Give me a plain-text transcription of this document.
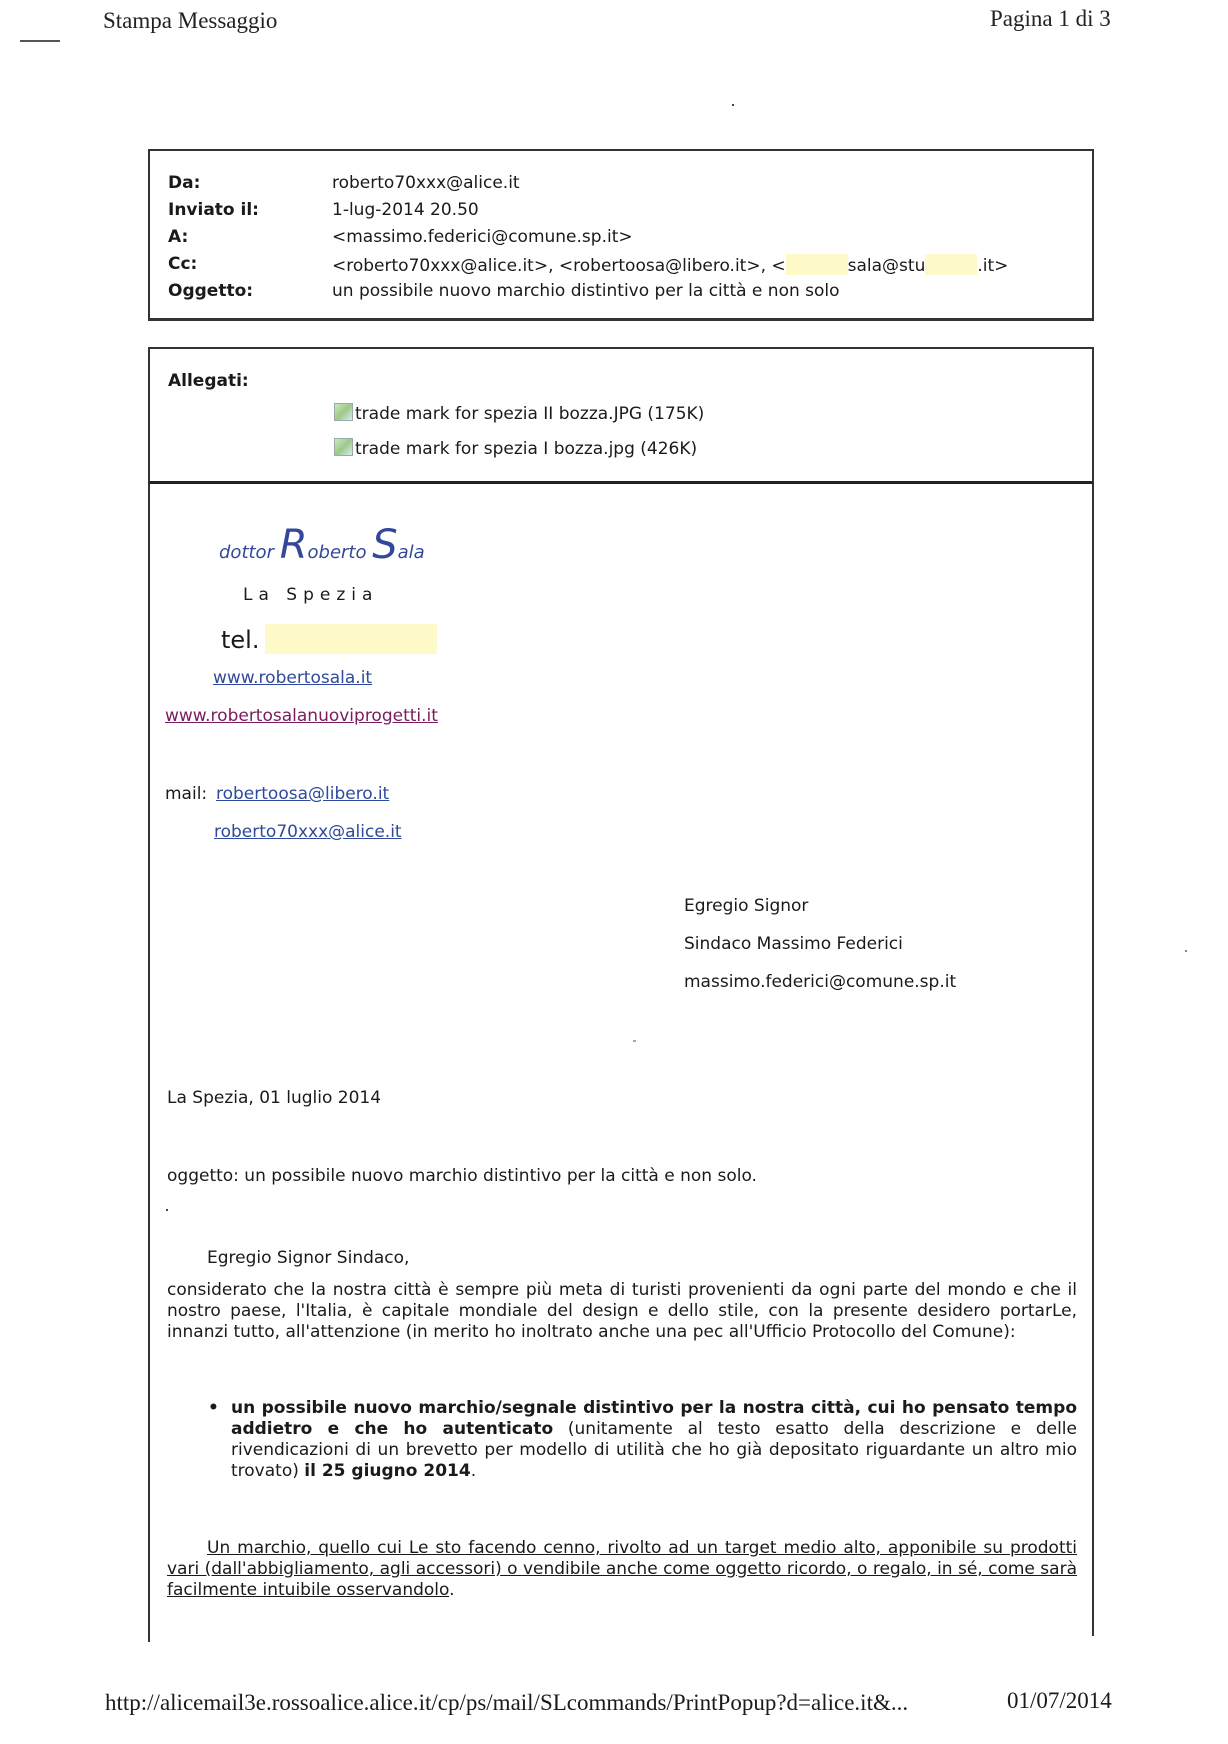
Stampa Messaggio	Pagina 1 di 3
Da:	roberto70xxx@alice.it
Inviato il:	1-lug-2014 20.50
A:	<massimo.federici@comune.sp.it>
Cc:	<roberto70xxx@alice.it>, <robertoosa@libero.it>, <	sala@stu	.it>
Oggetto:	un possibile nuovo marchio distintivo per la città e non solo
Allegati:
trade mark for spezia II bozza.JPG (175K)
trade mark for spezia I bozza.jpg (426K)
dottor Roberto Sala
La Spezia
tel.
www.robertosala.it
www.robertosalanuoviprogetti.it
mail: robertoosa@libero.it
roberto70xxx@alice.it
Egregio Signor
Sindaco Massimo Federici
massimo.federici@comune.sp.it
La Spezia, 01 luglio 2014
oggetto: un possibile nuovo marchio distintivo per la città e non solo.
Egregio Signor Sindaco,
considerato che la nostra città è sempre più meta di turisti provenienti da ogni parte del mondo e che il nostro paese, l'Italia, è capitale mondiale del design e dello stile, con la presente desidero portarLe, innanzi tutto, all'attenzione (in merito ho inoltrato anche una pec all'Ufficio Protocollo del Comune):
• un possibile nuovo marchio/segnale distintivo per la nostra città, cui ho pensato tempo addietro e che ho autenticato (unitamente al testo esatto della descrizione e delle rivendicazioni di un brevetto per modello di utilità che ho già depositato riguardante un altro mio trovato) il 25 giugno 2014.
Un marchio, quello cui Le sto facendo cenno, rivolto ad un target medio alto, apponibile su prodotti vari (dall'abbigliamento, agli accessori) o vendibile anche come oggetto ricordo, o regalo, in sé, come sarà facilmente intuibile osservandolo.
http://alicemail3e.rossoalice.alice.it/cp/ps/mail/SLcommands/PrintPopup?d=alice.it&...	01/07/2014
